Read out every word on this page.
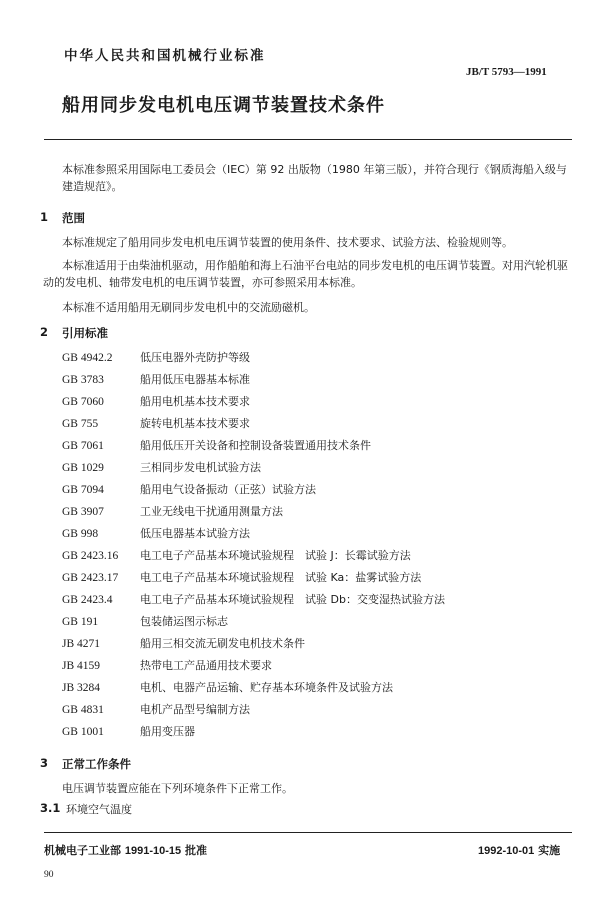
中华人民共和国机械行业标准
JB/T 5793—1991
船用同步发电机电压调节装置技术条件
本标准参照采用国际电工委员会（IEC）第 92 出版物（1980 年第三版），并符合现行《钢质海船入级与建造规范》。
1 范围
本标准规定了船用同步发电机电压调节装置的使用条件、技术要求、试验方法、检验规则等。
本标准适用于由柴油机驱动，用作船舶和海上石油平台电站的同步发电机的电压调节装置。对用汽轮机驱动的发电机、轴带发电机的电压调节装置，亦可参照采用本标准。
本标准不适用船用无刷同步发电机中的交流励磁机。
2 引用标准
GB 4942.2	低压电器外壳防护等级
GB 3783	船用低压电器基本标准
GB 7060	船用电机基本技术要求
GB 755	旋转电机基本技术要求
GB 7061	船用低压开关设备和控制设备装置通用技术条件
GB 1029	三相同步发电机试验方法
GB 7094	船用电气设备振动（正弦）试验方法
GB 3907	工业无线电干扰通用测量方法
GB 998	低压电器基本试验方法
GB 2423.16 电工电子产品基本环境试验规程　试验 J：长霉试验方法
GB 2423.17 电工电子产品基本环境试验规程　试验 Ka：盐雾试验方法
GB 2423.4	电工电子产品基本环境试验规程　试验 Db：交变湿热试验方法
GB 191	包装储运图示标志
JB 4271	船用三相交流无刷发电机技术条件
JB 4159	热带电工产品通用技术要求
JB 3284	电机、电器产品运输、贮存基本环境条件及试验方法
GB 4831	电机产品型号编制方法
GB 1001	船用变压器
3 正常工作条件
电压调节装置应能在下列环境条件下正常工作。
3.1 环境空气温度
机械电子工业部 1991-10-15 批准	1992-10-01 实施
90
